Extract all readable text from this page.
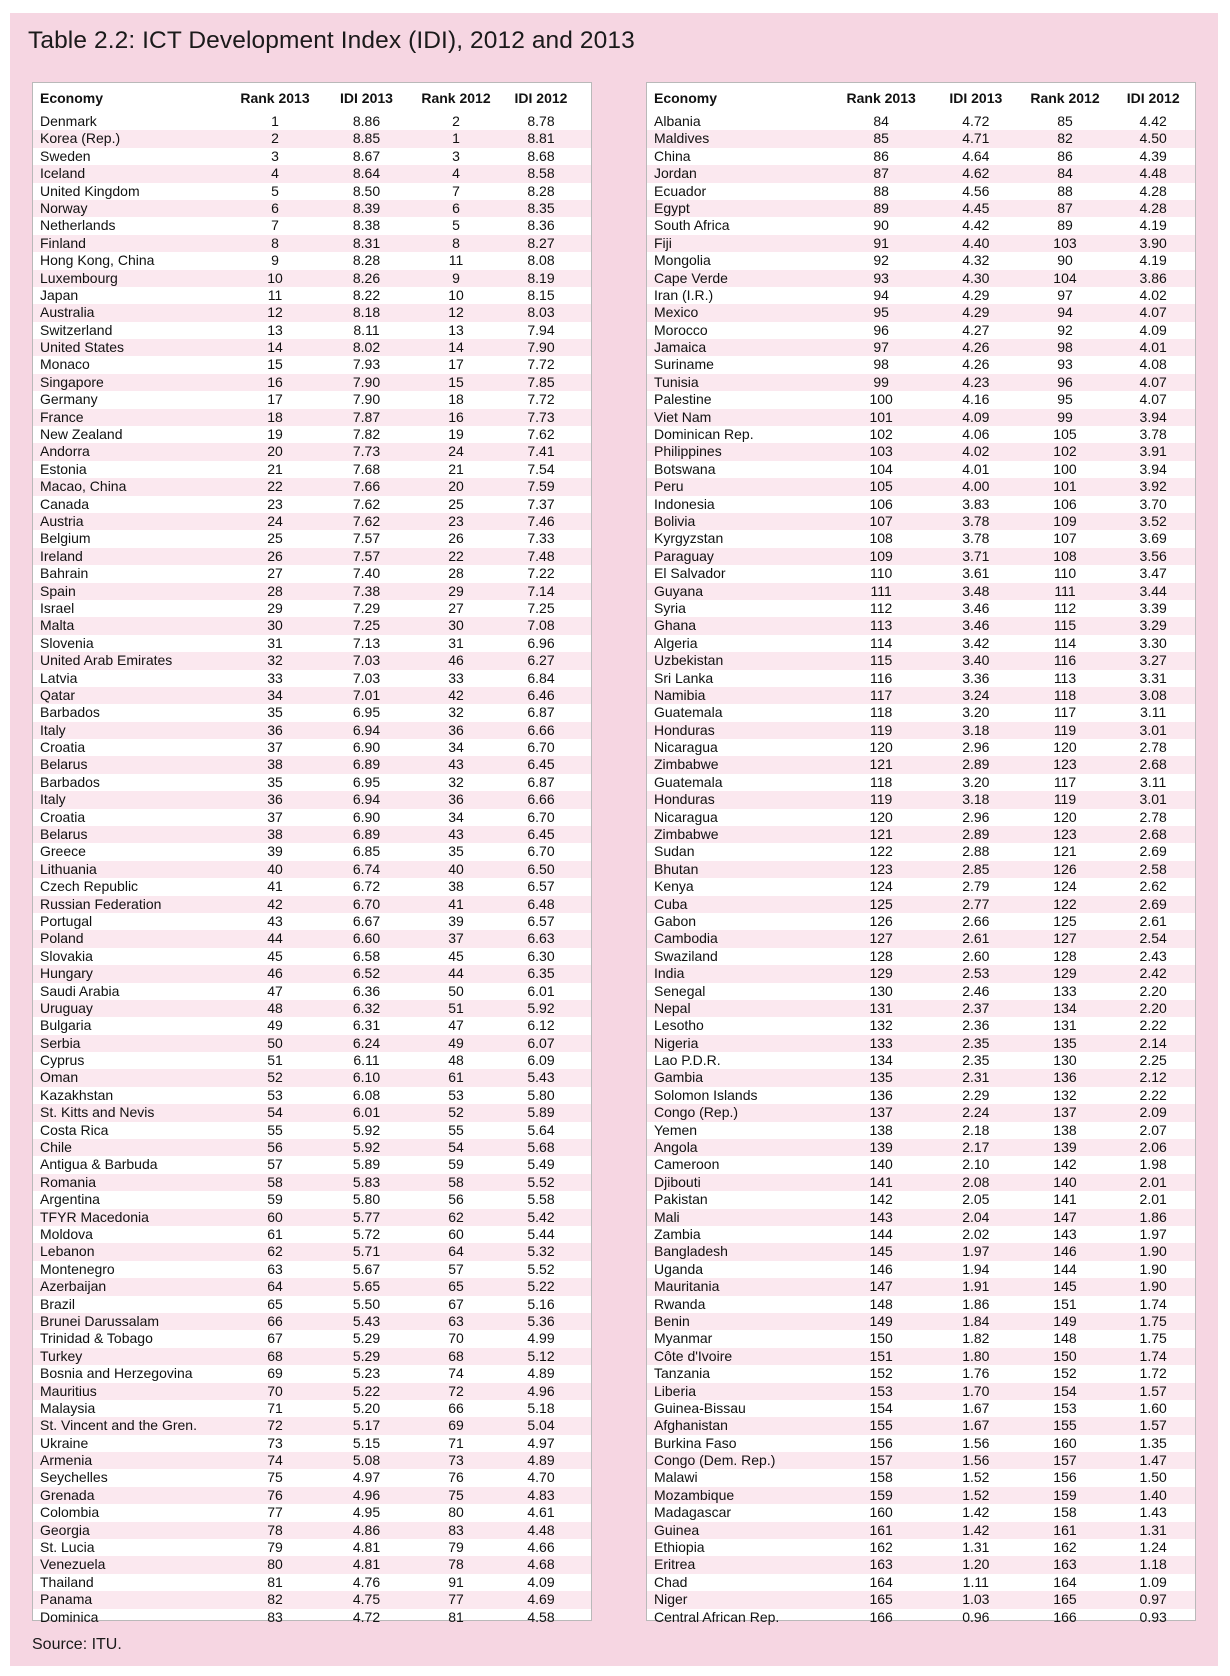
Table 2.2: ICT Development Index (IDI), 2012 and 2013
Economy	Rank 2013	IDI 2013	Rank 2012	IDI 2012
Denmark	1	8.86	2	8.78
Korea (Rep.)	2	8.85	1	8.81
Sweden	3	8.67	3	8.68
Iceland	4	8.64	4	8.58
United Kingdom	5	8.50	7	8.28
Norway	6	8.39	6	8.35
Netherlands	7	8.38	5	8.36
Finland	8	8.31	8	8.27
Hong Kong, China	9	8.28	11	8.08
Luxembourg	10	8.26	9	8.19
Japan	11	8.22	10	8.15
Australia	12	8.18	12	8.03
Switzerland	13	8.11	13	7.94
United States	14	8.02	14	7.90
Monaco	15	7.93	17	7.72
Singapore	16	7.90	15	7.85
Germany	17	7.90	18	7.72
France	18	7.87	16	7.73
New Zealand	19	7.82	19	7.62
Andorra	20	7.73	24	7.41
Estonia	21	7.68	21	7.54
Macao, China	22	7.66	20	7.59
Canada	23	7.62	25	7.37
Austria	24	7.62	23	7.46
Belgium	25	7.57	26	7.33
Ireland	26	7.57	22	7.48
Bahrain	27	7.40	28	7.22
Spain	28	7.38	29	7.14
Israel	29	7.29	27	7.25
Malta	30	7.25	30	7.08
Slovenia	31	7.13	31	6.96
United Arab Emirates	32	7.03	46	6.27
Latvia	33	7.03	33	6.84
Qatar	34	7.01	42	6.46
Barbados	35	6.95	32	6.87
Italy	36	6.94	36	6.66
Croatia	37	6.90	34	6.70
Belarus	38	6.89	43	6.45
Barbados	35	6.95	32	6.87
Italy	36	6.94	36	6.66
Croatia	37	6.90	34	6.70
Belarus	38	6.89	43	6.45
Greece	39	6.85	35	6.70
Lithuania	40	6.74	40	6.50
Czech Republic	41	6.72	38	6.57
Russian Federation	42	6.70	41	6.48
Portugal	43	6.67	39	6.57
Poland	44	6.60	37	6.63
Slovakia	45	6.58	45	6.30
Hungary	46	6.52	44	6.35
Saudi Arabia	47	6.36	50	6.01
Uruguay	48	6.32	51	5.92
Bulgaria	49	6.31	47	6.12
Serbia	50	6.24	49	6.07
Cyprus	51	6.11	48	6.09
Oman	52	6.10	61	5.43
Kazakhstan	53	6.08	53	5.80
St. Kitts and Nevis	54	6.01	52	5.89
Costa Rica	55	5.92	55	5.64
Chile	56	5.92	54	5.68
Antigua & Barbuda	57	5.89	59	5.49
Romania	58	5.83	58	5.52
Argentina	59	5.80	56	5.58
TFYR Macedonia	60	5.77	62	5.42
Moldova	61	5.72	60	5.44
Lebanon	62	5.71	64	5.32
Montenegro	63	5.67	57	5.52
Azerbaijan	64	5.65	65	5.22
Brazil	65	5.50	67	5.16
Brunei Darussalam	66	5.43	63	5.36
Trinidad & Tobago	67	5.29	70	4.99
Turkey	68	5.29	68	5.12
Bosnia and Herzegovina	69	5.23	74	4.89
Mauritius	70	5.22	72	4.96
Malaysia	71	5.20	66	5.18
St. Vincent and the Gren.	72	5.17	69	5.04
Ukraine	73	5.15	71	4.97
Armenia	74	5.08	73	4.89
Seychelles	75	4.97	76	4.70
Grenada	76	4.96	75	4.83
Colombia	77	4.95	80	4.61
Georgia	78	4.86	83	4.48
St. Lucia	79	4.81	79	4.66
Venezuela	80	4.81	78	4.68
Thailand	81	4.76	91	4.09
Panama	82	4.75	77	4.69
Dominica	83	4.72	81	4.58
Economy	Rank 2013	IDI 2013	Rank 2012	IDI 2012
Albania	84	4.72	85	4.42
Maldives	85	4.71	82	4.50
China	86	4.64	86	4.39
Jordan	87	4.62	84	4.48
Ecuador	88	4.56	88	4.28
Egypt	89	4.45	87	4.28
South Africa	90	4.42	89	4.19
Fiji	91	4.40	103	3.90
Mongolia	92	4.32	90	4.19
Cape Verde	93	4.30	104	3.86
Iran (I.R.)	94	4.29	97	4.02
Mexico	95	4.29	94	4.07
Morocco	96	4.27	92	4.09
Jamaica	97	4.26	98	4.01
Suriname	98	4.26	93	4.08
Tunisia	99	4.23	96	4.07
Palestine	100	4.16	95	4.07
Viet Nam	101	4.09	99	3.94
Dominican Rep.	102	4.06	105	3.78
Philippines	103	4.02	102	3.91
Botswana	104	4.01	100	3.94
Peru	105	4.00	101	3.92
Indonesia	106	3.83	106	3.70
Bolivia	107	3.78	109	3.52
Kyrgyzstan	108	3.78	107	3.69
Paraguay	109	3.71	108	3.56
El Salvador	110	3.61	110	3.47
Guyana	111	3.48	111	3.44
Syria	112	3.46	112	3.39
Ghana	113	3.46	115	3.29
Algeria	114	3.42	114	3.30
Uzbekistan	115	3.40	116	3.27
Sri Lanka	116	3.36	113	3.31
Namibia	117	3.24	118	3.08
Guatemala	118	3.20	117	3.11
Honduras	119	3.18	119	3.01
Nicaragua	120	2.96	120	2.78
Zimbabwe	121	2.89	123	2.68
Guatemala	118	3.20	117	3.11
Honduras	119	3.18	119	3.01
Nicaragua	120	2.96	120	2.78
Zimbabwe	121	2.89	123	2.68
Sudan	122	2.88	121	2.69
Bhutan	123	2.85	126	2.58
Kenya	124	2.79	124	2.62
Cuba	125	2.77	122	2.69
Gabon	126	2.66	125	2.61
Cambodia	127	2.61	127	2.54
Swaziland	128	2.60	128	2.43
India	129	2.53	129	2.42
Senegal	130	2.46	133	2.20
Nepal	131	2.37	134	2.20
Lesotho	132	2.36	131	2.22
Nigeria	133	2.35	135	2.14
Lao P.D.R.	134	2.35	130	2.25
Gambia	135	2.31	136	2.12
Solomon Islands	136	2.29	132	2.22
Congo (Rep.)	137	2.24	137	2.09
Yemen	138	2.18	138	2.07
Angola	139	2.17	139	2.06
Cameroon	140	2.10	142	1.98
Djibouti	141	2.08	140	2.01
Pakistan	142	2.05	141	2.01
Mali	143	2.04	147	1.86
Zambia	144	2.02	143	1.97
Bangladesh	145	1.97	146	1.90
Uganda	146	1.94	144	1.90
Mauritania	147	1.91	145	1.90
Rwanda	148	1.86	151	1.74
Benin	149	1.84	149	1.75
Myanmar	150	1.82	148	1.75
Côte d'Ivoire	151	1.80	150	1.74
Tanzania	152	1.76	152	1.72
Liberia	153	1.70	154	1.57
Guinea-Bissau	154	1.67	153	1.60
Afghanistan	155	1.67	155	1.57
Burkina Faso	156	1.56	160	1.35
Congo (Dem. Rep.)	157	1.56	157	1.47
Malawi	158	1.52	156	1.50
Mozambique	159	1.52	159	1.40
Madagascar	160	1.42	158	1.43
Guinea	161	1.42	161	1.31
Ethiopia	162	1.31	162	1.24
Eritrea	163	1.20	163	1.18
Chad	164	1.11	164	1.09
Niger	165	1.03	165	0.97
Central African Rep.	166	0.96	166	0.93
Source: ITU.
